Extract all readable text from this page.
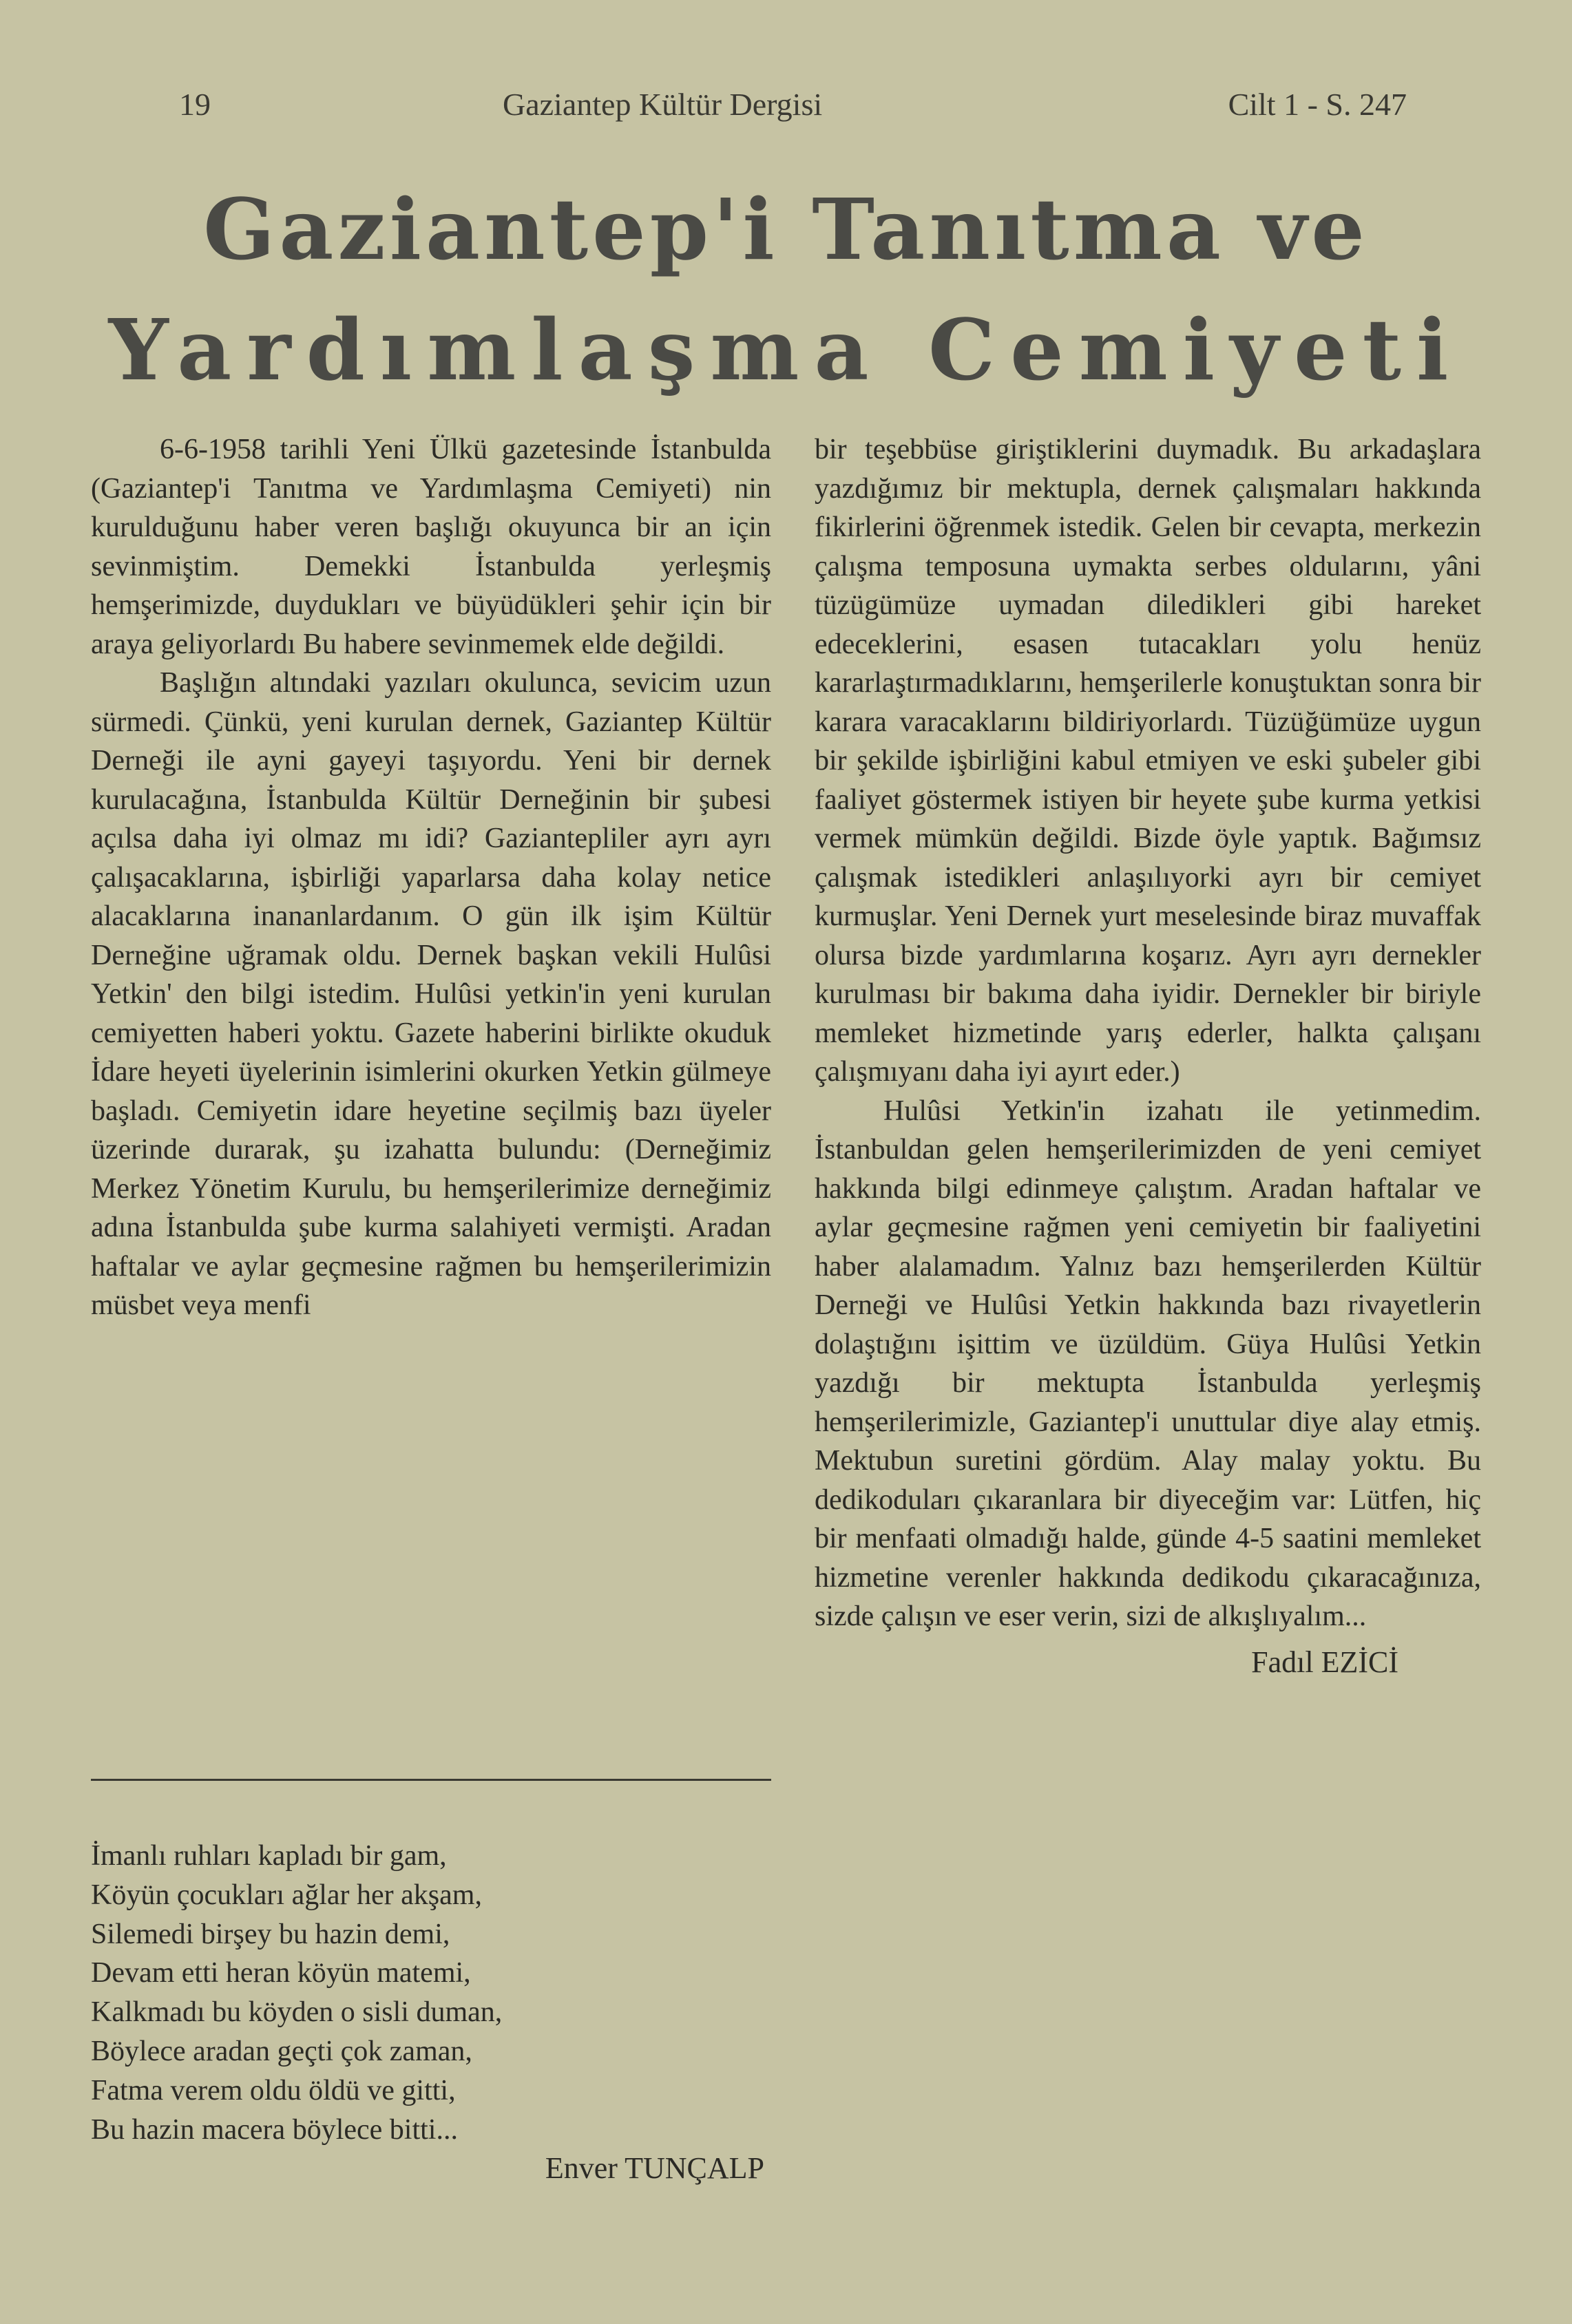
19	Gaziantep Kültür Dergisi	Cilt 1 - S. 247
Gaziantep'i Tanıtma ve
Yardımlaşma Cemiyeti

6-6-1958 tarihli Yeni Ülkü gazetesinde İstanbulda (Gaziantep'i Tanıtma ve Yardımlaşma Cemiyeti) nin kurulduğunu haber veren başlığı okuyunca bir an için sevinmiştim. Demekki İstanbulda yerleşmiş hemşerimizde, duydukları ve büyüdükleri şehir için bir araya geliyorlardı Bu habere sevinmemek elde değildi.

Başlığın altındaki yazıları okulunca, sevicim uzun sürmedi. Çünkü, yeni kurulan dernek, Gaziantep Kültür Derneği ile ayni gayeyi taşıyordu. Yeni bir dernek kurulacağına, İstanbulda Kültür Derneğinin bir şubesi açılsa daha iyi olmaz mı idi? Gaziantepliler ayrı ayrı çalışacaklarına, işbirliği yaparlarsa daha kolay netice alacaklarına inananlardanım. O gün ilk işim Kültür Derneğine uğramak oldu. Dernek başkan vekili Hulûsi Yetkin' den bilgi istedim. Hulûsi yetkin'in yeni kurulan cemiyetten haberi yoktu. Gazete haberini birlikte okuduk İdare heyeti üyelerinin isimlerini okurken Yetkin gülmeye başladı. Cemiyetin idare heyetine seçilmiş bazı üyeler üzerinde durarak, şu izahatta bulundu: (Derneğimiz Merkez Yönetim Kurulu, bu hemşerilerimize derneğimiz adına İstanbulda şube kurma salahiyeti vermişti. Aradan haftalar ve aylar geçmesine rağmen bu hemşerilerimizin müsbet veya menfi

bir teşebbüse giriştiklerini duymadık. Bu arkadaşlara yazdığımız bir mektupla, dernek çalışmaları hakkında fikirlerini öğrenmek istedik. Gelen bir cevapta, merkezin çalışma temposuna uymakta serbes oldularını, yâni tüzügümüze uymadan diledikleri gibi hareket edeceklerini, esasen tutacakları yolu henüz kararlaştırmadıklarını, hemşerilerle konuştuktan sonra bir karara varacaklarını bildiriyorlardı. Tüzüğümüze uygun bir şekilde işbirliğini kabul etmiyen ve eski şubeler gibi faaliyet göstermek istiyen bir heyete şube kurma yetkisi vermek mümkün değildi. Bizde öyle yaptık. Bağımsız çalışmak istedikleri anlaşılıyorki ayrı bir cemiyet kurmuşlar. Yeni Dernek yurt meselesinde biraz muvaffak olursa bizde yardımlarına koşarız. Ayrı ayrı dernekler kurulması bir bakıma daha iyidir. Dernekler bir biriyle memleket hizmetinde yarış ederler, halkta çalışanı çalışmıyanı daha iyi ayırt eder.)

Hulûsi Yetkin'in izahatı ile yetinmedim. İstanbuldan gelen hemşerilerimizden de yeni cemiyet hakkında bilgi edinmeye çalıştım. Aradan haftalar ve aylar geçmesine rağmen yeni cemiyetin bir faaliyetini haber alalamadım. Yalnız bazı hemşerilerden Kültür Derneği ve Hulûsi Yetkin hakkında bazı rivayetlerin dolaştığını işittim ve üzüldüm. Güya Hulûsi Yetkin yazdığı bir mektupta İstanbulda yerleşmiş hemşerilerimizle, Gaziantep'i unuttular diye alay etmiş. Mektubun suretini gördüm. Alay malay yoktu. Bu dedikoduları çıkaranlara bir diyeceğim var: Lütfen, hiç bir menfaati olmadığı halde, günde 4-5 saatini memleket hizmetine verenler hakkında dedikodu çıkaracağınıza, sizde çalışın ve eser verin, sizi de alkışlıyalım...

Fadıl EZİCİ
İmanlı ruhları kapladı bir gam,
Köyün çocukları ağlar her akşam,
Silemedi birşey bu hazin demi,
Devam etti heran köyün matemi,
Kalkmadı bu köyden o sisli duman,
Böylece aradan geçti çok zaman,
Fatma verem oldu öldü ve gitti,
Bu hazin macera böylece bitti...
Enver TUNÇALP
